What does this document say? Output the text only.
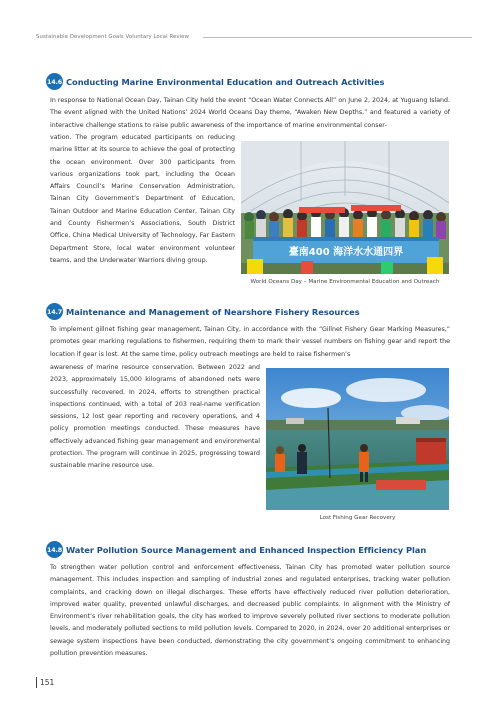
Sustainable Development Goals Voluntary Local Review
14.6 Conducting Marine Environmental Education and Outreach Activities

In response to National Ocean Day, Tainan City held the event “Ocean Water Connects All” on June 2, 2024, at Yuguang Island. The event aligned with the United Nations’ 2024 World Oceans Day theme, “Awaken New Depths,” and featured a variety of interactive challenge stations to raise public awareness of the importance of marine environmental conser-

vation. The program educated participants on reducing marine litter at its source to achieve the goal of protecting the ocean environment. Over 300 participants from various organizations took part, including the Ocean Affairs Council’s Marine Conservation Administration, Tainan City Government’s Department of Education, Tainan Outdoor and Marine Education Center, Tainan City and County Fishermen’s Associations, South District Office, China Medical University of Technology, Far Eastern Department Store, local water environment volunteer teams, and the Underwater Warriors diving group.

臺南400 海洋水水通四界
World Oceans Day – Marine Environmental Education and Outreach
14.7 Maintenance and Management of Nearshore Fishery Resources

To implement gillnet fishing gear management, Tainan City, in accordance with the “Gillnet Fishery Gear Marking Measures,” promotes gear marking regulations to fishermen, requiring them to mark their vessel numbers on fishing gear and report the location if gear is lost. At the same time, policy outreach meetings are held to raise fishermen’s

awareness of marine resource conservation. Between 2022 and 2023, approximately 15,000 kilograms of abandoned nets were successfully recovered. In 2024, efforts to strengthen practical inspections continued, with a total of 203 real-name verification sessions, 12 lost gear reporting and recovery operations, and 4 policy promotion meetings conducted. These measures have effectively advanced fishing gear management and environmental protection. The program will continue in 2025, progressing toward sustainable marine resource use.

Lost Fishing Gear Recovery
14.8 Water Pollution Source Management and Enhanced Inspection Efficiency Plan

To strengthen water pollution control and enforcement effectiveness, Tainan City has promoted water pollution source management. This includes inspection and sampling of industrial zones and regulated enterprises, tracking water pollution complaints, and cracking down on illegal discharges. These efforts have effectively reduced river pollution deterioration, improved water quality, prevented unlawful discharges, and decreased public complaints. In alignment with the Ministry of Environment’s river rehabilitation goals, the city has worked to improve severely polluted river sections to moderate pollution levels, and moderately polluted sections to mild pollution levels. Compared to 2020, in 2024, over 20 additional enterprises or sewage system inspections have been conducted, demonstrating the city government’s ongoing commitment to enhancing pollution prevention measures.

151
